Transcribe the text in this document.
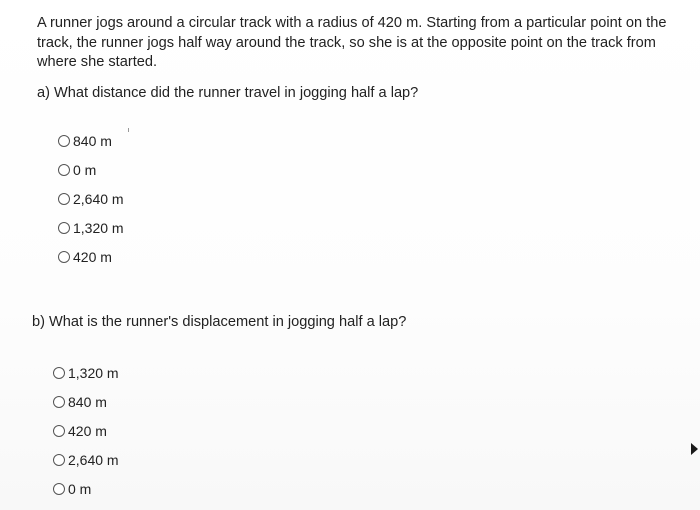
A runner jogs around a circular track with a radius of 420 m. Starting from a particular point on the
track, the runner jogs half way around the track, so she is at the opposite point on the track from
where she started.

a) What distance did the runner travel in jogging half a lap?

840 m
0 m
2,640 m
1,320 m
420 m

b) What is the runner's displacement in jogging half a lap?

1,320 m
840 m
420 m
2,640 m
0 m
